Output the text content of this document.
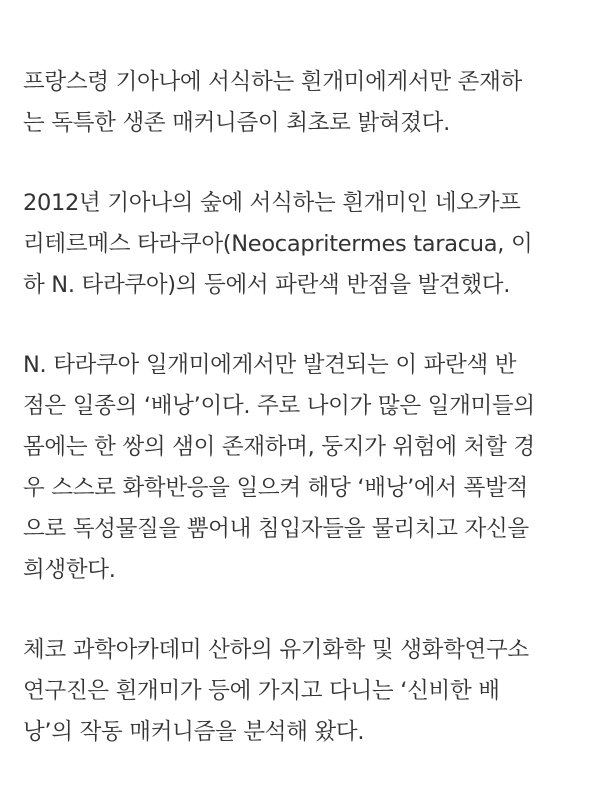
프랑스령 기아나에 서식하는 흰개미에게서만 존재하
는 독특한 생존 매커니즘이 최초로 밝혀졌다.

2012년 기아나의 숲에 서식하는 흰개미인 네오카프
리테르메스 타라쿠아(Neocapritermes taracua, 이
하 N. 타라쿠아)의 등에서 파란색 반점을 발견했다.

N. 타라쿠아 일개미에게서만 발견되는 이 파란색 반
점은 일종의 ‘배낭’이다. 주로 나이가 많은 일개미들의
몸에는 한 쌍의 샘이 존재하며, 둥지가 위험에 처할 경
우 스스로 화학반응을 일으켜 해당 ‘배낭’에서 폭발적
으로 독성물질을 뿜어내 침입자들을 물리치고 자신을
희생한다.

체코 과학아카데미 산하의 유기화학 및 생화학연구소
연구진은 흰개미가 등에 가지고 다니는 ‘신비한 배
낭’의 작동 매커니즘을 분석해 왔다.
